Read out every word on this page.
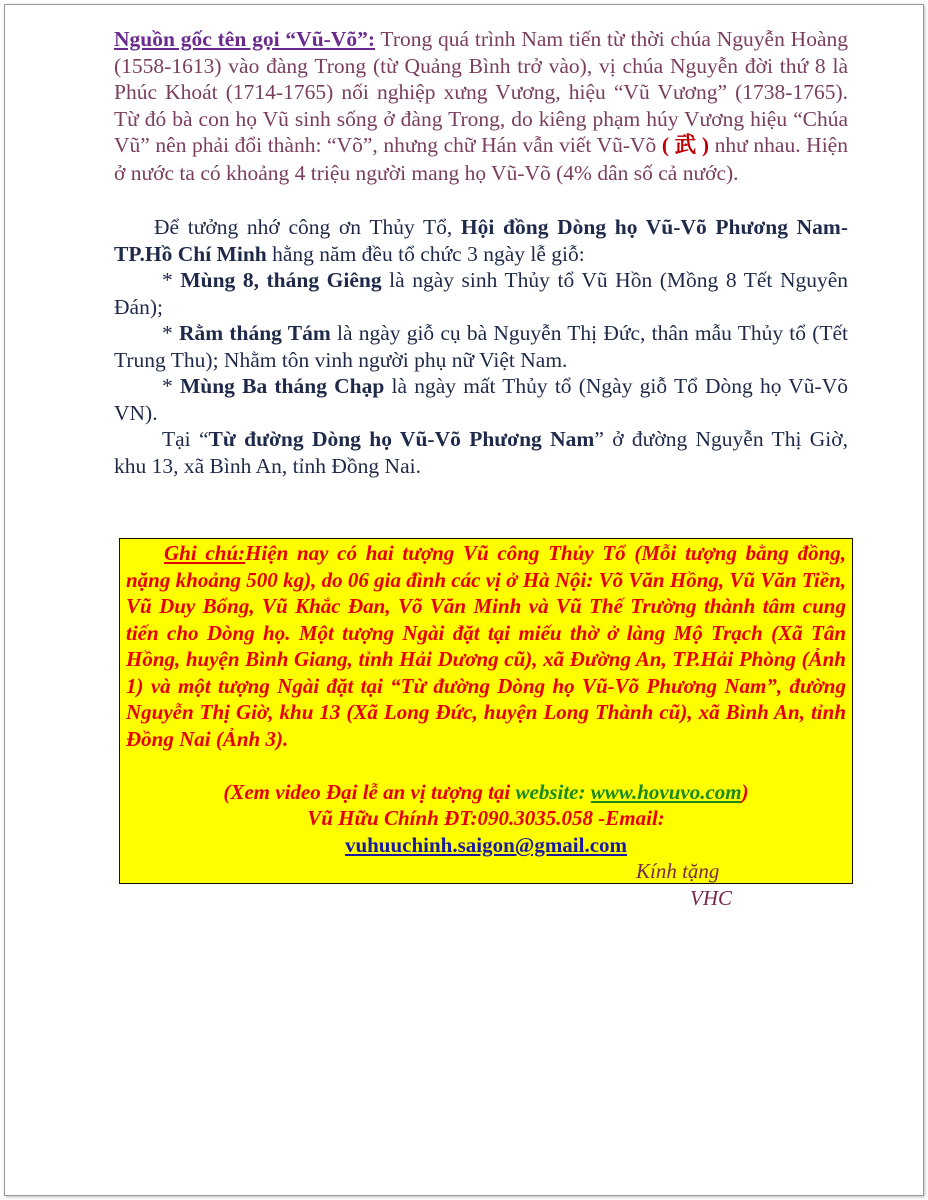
Nguồn gốc tên gọi “Vũ-Võ”: Trong quá trình Nam tiến từ thời chúa Nguyễn Hoàng (1558-1613) vào đàng Trong (từ Quảng Bình trở vào), vị chúa Nguyễn đời thứ 8 là Phúc Khoát (1714-1765) nối nghiệp xưng Vương, hiệu “Vũ Vương” (1738-1765). Từ đó bà con họ Vũ sinh sống ở đàng Trong, do kiêng phạm húy Vương hiệu “Chúa Vũ” nên phải đổi thành: “Võ”, nhưng chữ Hán vẫn viết Vũ-Võ ( 武 ) như nhau. Hiện ở nước ta có khoảng 4 triệu người mang họ Vũ-Võ (4% dân số cả nước).

Để tưởng nhớ công ơn Thủy Tổ, Hội đồng Dòng họ Vũ-Võ Phương Nam-TP.Hồ Chí Minh hằng năm đều tổ chức 3 ngày lễ giỗ:

* Mùng 8, tháng Giêng là ngày sinh Thủy tổ Vũ Hồn (Mồng 8 Tết Nguyên Đán);

* Rằm tháng Tám là ngày giỗ cụ bà Nguyễn Thị Đức, thân mẫu Thủy tổ (Tết Trung Thu); Nhằm tôn vinh người phụ nữ Việt Nam.

* Mùng Ba tháng Chạp là ngày mất Thủy tổ (Ngày giỗ Tổ Dòng họ Vũ-Võ VN).

Tại “Từ đường Dòng họ Vũ-Võ Phương Nam” ở đường Nguyễn Thị Giờ, khu 13, xã Bình An, tỉnh Đồng Nai.

Ghi chú:Hiện nay có hai tượng Vũ công Thủy Tổ (Mỗi tượng bằng đồng, nặng khoảng 500 kg), do 06 gia đình các vị ở Hà Nội: Võ Văn Hồng, Vũ Văn Tiền, Vũ Duy Bổng, Vũ Khắc Đan, Võ Văn Minh và Vũ Thế Trường thành tâm cung tiến cho Dòng họ. Một tượng Ngài đặt tại miếu thờ ở làng Mộ Trạch (Xã Tân Hồng, huyện Bình Giang, tỉnh Hải Dương cũ), xã Đường An, TP.Hải Phòng (Ảnh 1) và một tượng Ngài đặt tại “Từ đường Dòng họ Vũ-Võ Phương Nam”, đường Nguyễn Thị Giờ, khu 13 (Xã Long Đức, huyện Long Thành cũ), xã Bình An, tỉnh Đồng Nai (Ảnh 3).

(Xem video Đại lễ an vị tượng tại website: www.hovuvo.com)
Vũ Hữu Chính ĐT:090.3035.058 -Email:
vuhuuchinh.saigon@gmail.com
Kính tặng
VHC
